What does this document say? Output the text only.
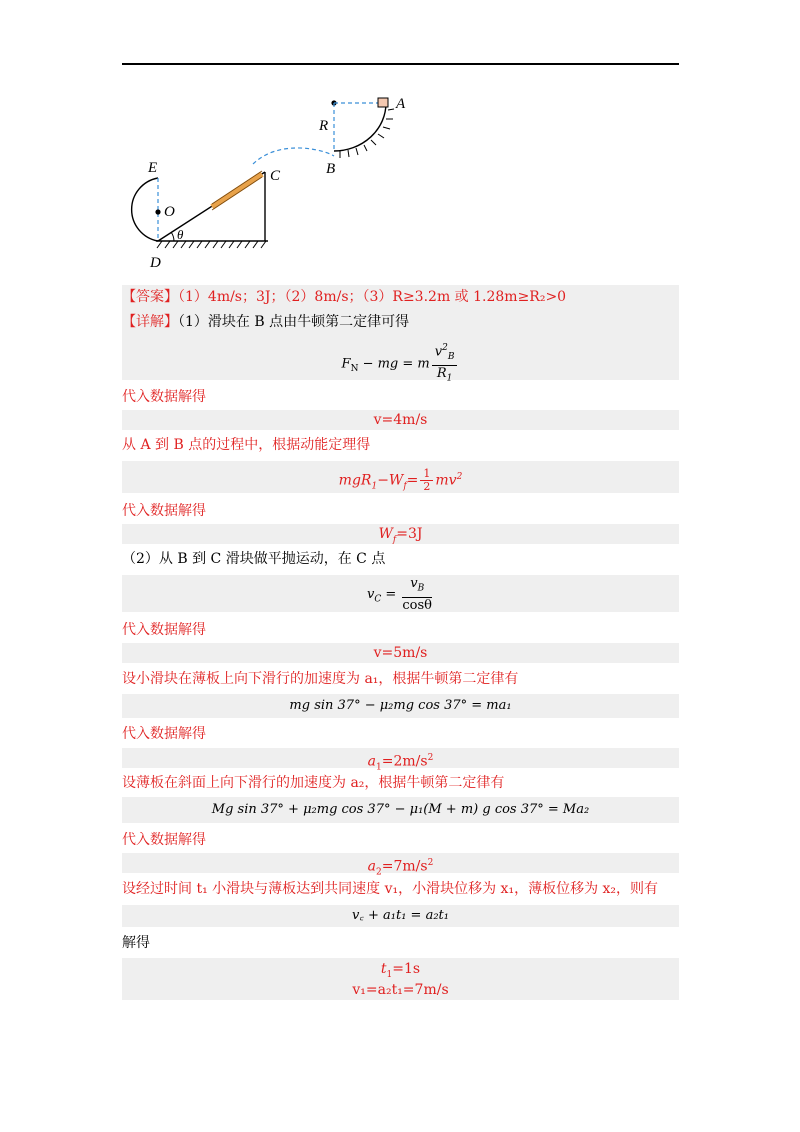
A
R
B
C
E
O
θ
D
【答案】（1）4m/s；3J；（2）8m/s；（3）R≥3.2m 或 1.28m≥R₂>0
【详解】（1）滑块在 B 点由牛顿第二定律可得
$F_N$ − mg = m $\frac{v^2_B}{R_1}$
代入数据解得
v=4m/s
从 A 到 B 点的过程中，根据动能定理得
$mgR_1-W_f= \frac{1}{2} mv^2$
代入数据解得
$W_f=3J$
（2）从 B 到 C 滑块做平抛运动，在 C 点
$v_C = \frac{v_B}{\cos\theta}$
代入数据解得
v=5m/s
设小滑块在薄板上向下滑行的加速度为 a₁，根据牛顿第二定律有
mg sin 37° − μ₂mg cos 37° = ma₁
代入数据解得
$a_1=2m/s^2$
设薄板在斜面上向下滑行的加速度为 a₂，根据牛顿第二定律有
Mg sin 37° + μ₂mg cos 37° − μ₁(M + m) g cos 37° = Ma₂
代入数据解得
$a_2=7m/s^2$
设经过时间 t₁ 小滑块与薄板达到共同速度 v₁，小滑块位移为 x₁，薄板位移为 x₂，则有
v꜀ + a₁t₁ = a₂t₁
解得
$t_1=1s$
v₁=a₂t₁=7m/s
